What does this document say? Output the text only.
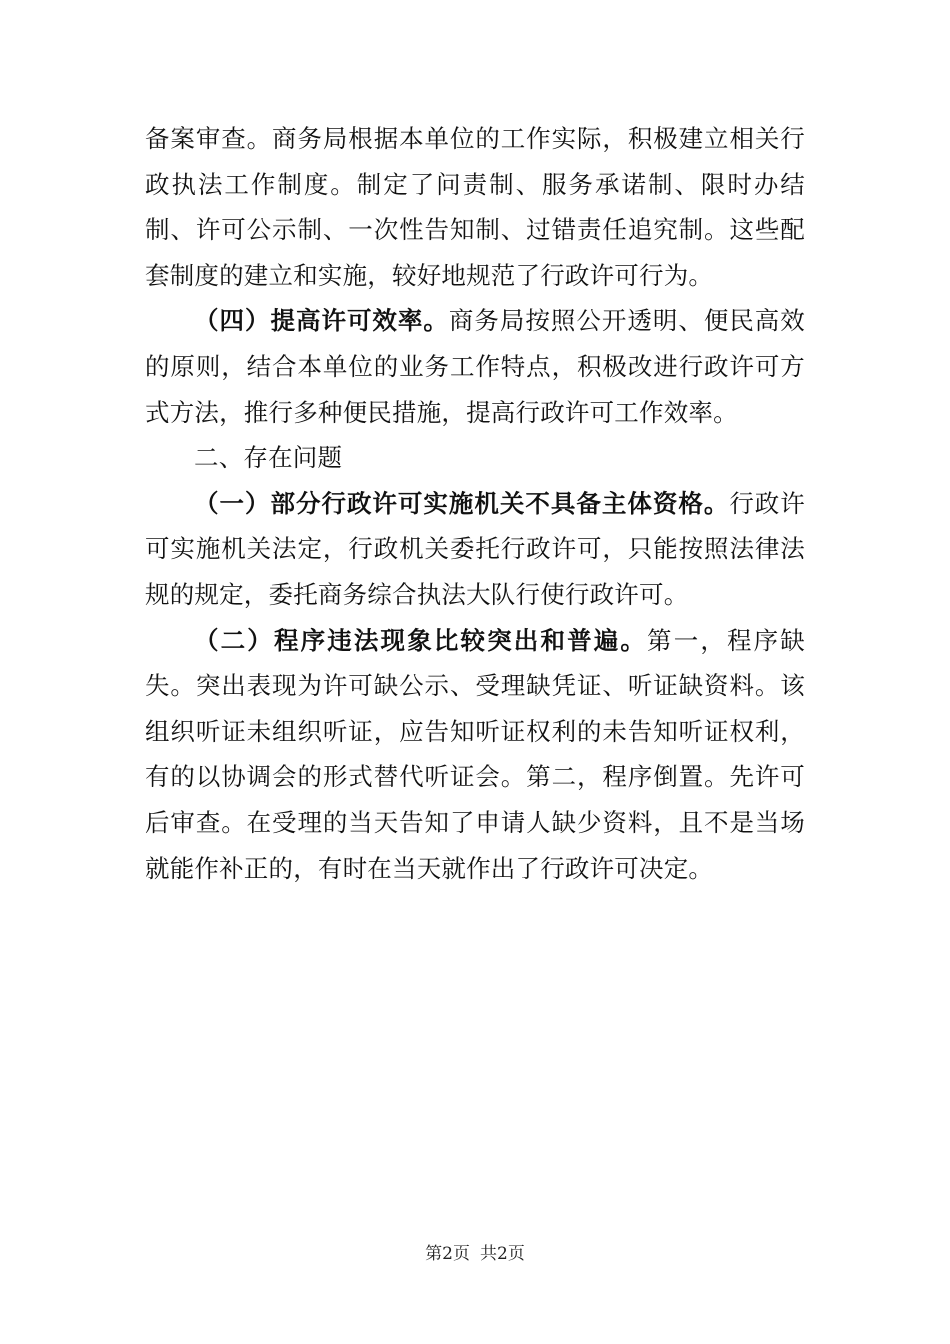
备案审查。商务局根据本单位的工作实际，积极建立相关行政执法工作制度。制定了问责制、服务承诺制、限时办结制、许可公示制、一次性告知制、过错责任追究制。这些配套制度的建立和实施，较好地规范了行政许可行为。

（四）提高许可效率。商务局按照公开透明、便民高效的原则，结合本单位的业务工作特点，积极改进行政许可方式方法，推行多种便民措施，提高行政许可工作效率。

二、存在问题

（一）部分行政许可实施机关不具备主体资格。行政许可实施机关法定，行政机关委托行政许可，只能按照法律法规的规定，委托商务综合执法大队行使行政许可。

（二）程序违法现象比较突出和普遍。第一，程序缺失。突出表现为许可缺公示、受理缺凭证、听证缺资料。该组织听证未组织听证，应告知听证权利的未告知听证权利，有的以协调会的形式替代听证会。第二，程序倒置。先许可后审查。在受理的当天告知了申请人缺少资料，且不是当场就能作补正的，有时在当天就作出了行政许可决定。

第2页 共2页
